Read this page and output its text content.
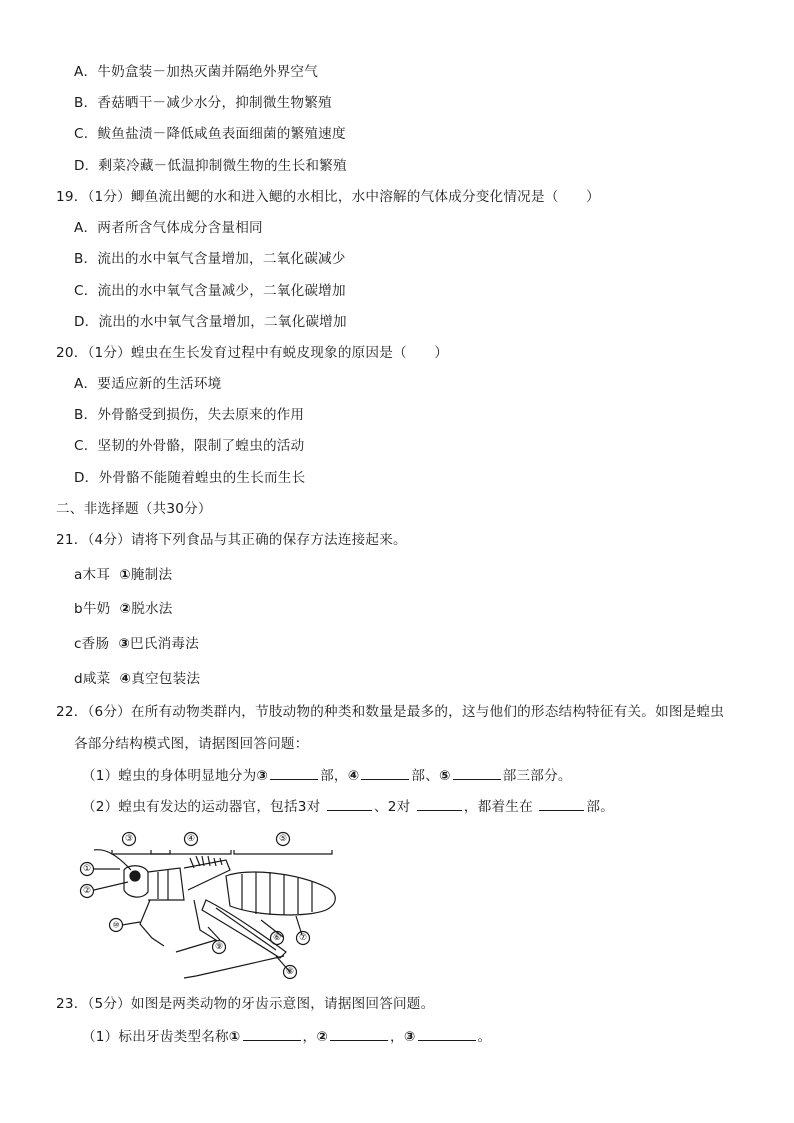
A．牛奶盒装－加热灭菌并隔绝外界空气
B．香菇晒干－减少水分，抑制微生物繁殖
C．鲅鱼盐渍－降低咸鱼表面细菌的繁殖速度
D．剩菜冷藏－低温抑制微生物的生长和繁殖
19．（1分）鲫鱼流出鳃的水和进入鳃的水相比，水中溶解的气体成分变化情况是（　　）
A．两者所含气体成分含量相同
B．流出的水中氧气含量增加，二氧化碳减少
C．流出的水中氧气含量减少，二氧化碳增加
D．流出的水中氧气含量增加，二氧化碳增加
20．（1分）蝗虫在生长发育过程中有蜕皮现象的原因是（　　）
A．要适应新的生活环境
B．外骨骼受到损伤，失去原来的作用
C．坚韧的外骨骼，限制了蝗虫的活动
D．外骨骼不能随着蝗虫的生长而生长
二、非选择题（共30分）
21．（4分）请将下列食品与其正确的保存方法连接起来。
a木耳 ①腌制法
b牛奶 ②脱水法
c香肠 ③巴氏消毒法
d咸菜 ④真空包装法
22．（6分）在所有动物类群内，节肢动物的种类和数量是最多的，这与他们的形态结构特征有关。如图是蝗虫
各部分结构模式图，请据图回答问题：
（1）蝗虫的身体明显地分为③	部，④	部、⑤	部三部分。
（2）蝗虫有发达的运动器官，包括3对	、2对	，都着生在	部。
③	④	⑤
①
②
⑩
⑨
⑥ ⑦
⑧
23．（5分）如图是两类动物的牙齿示意图，请据图回答问题。
（1）标出牙齿类型名称①	，②	，③	。
